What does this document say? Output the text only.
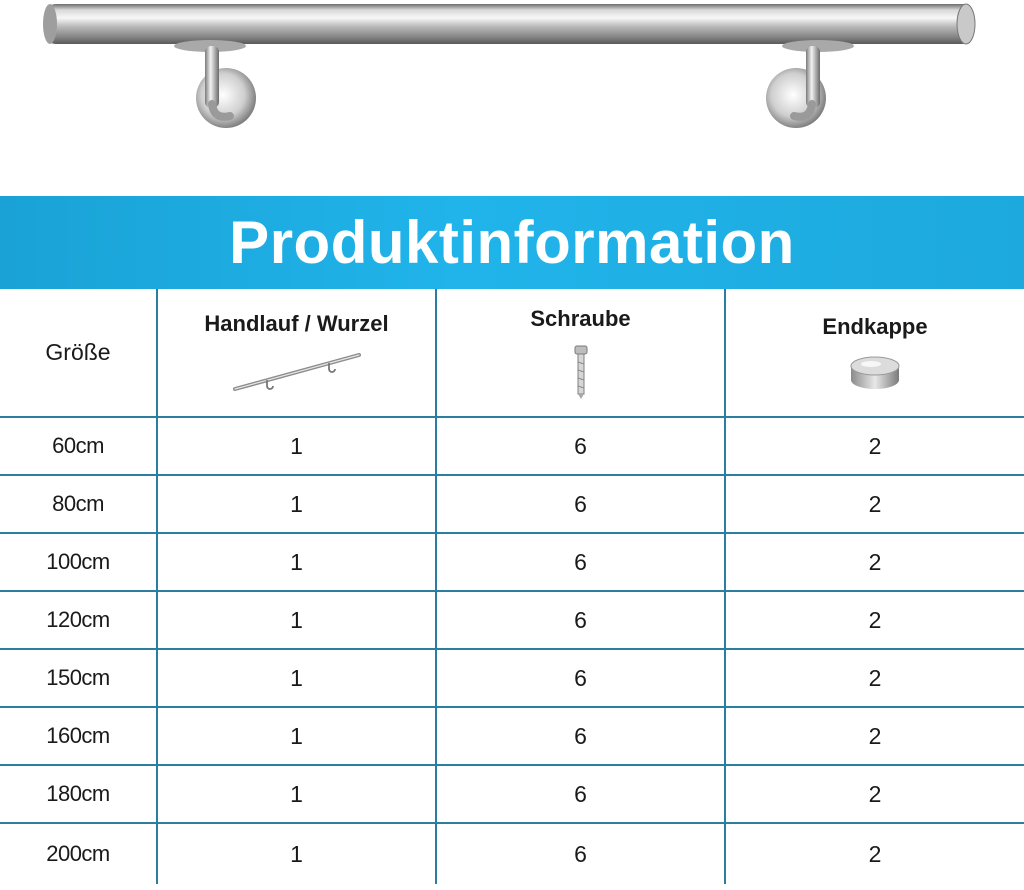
Produktinformation
Größe	Handlauf / Wurzel	Schraube	Endkappe

60cm	1	6	2
80cm	1	6	2
100cm	1	6	2
120cm	1	6	2
150cm	1	6	2
160cm	1	6	2
180cm	1	6	2
200cm	1	6	2
